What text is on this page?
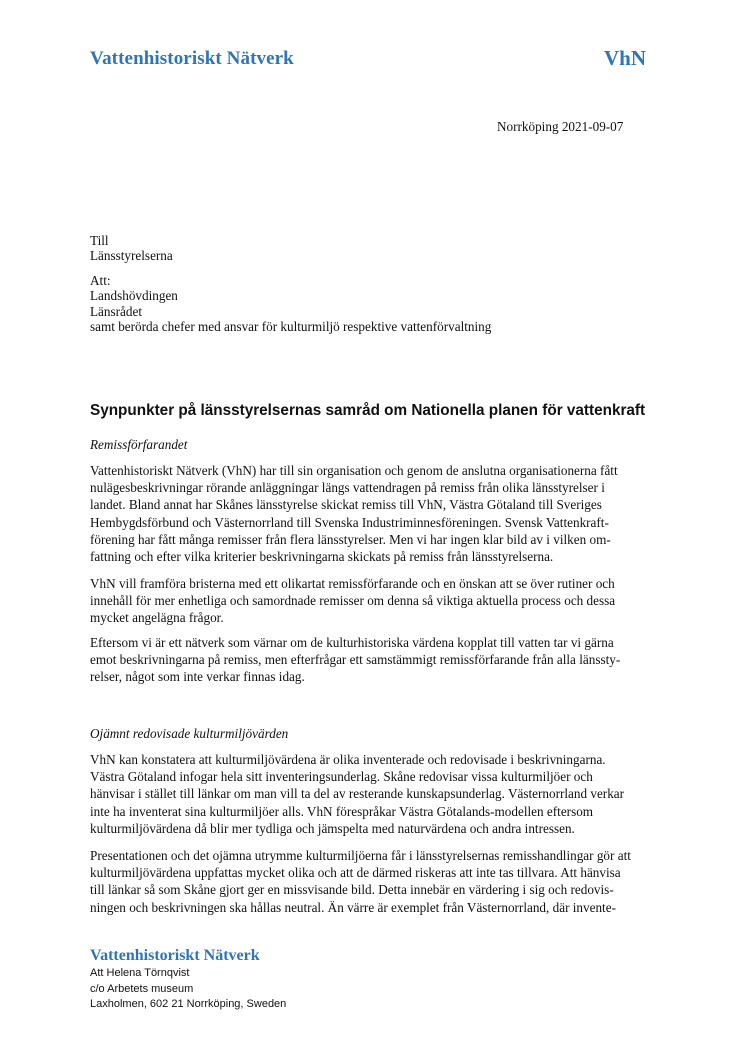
Vattenhistoriskt Nätverk	VhN
Norrköping 2021-09-07
Till
Länsstyrelserna
Att:
Landshövdingen
Länsrådet
samt berörda chefer med ansvar för kulturmiljö respektive vattenförvaltning
Synpunkter på länsstyrelsernas samråd om Nationella planen för vattenkraft
Remissförfarandet
Vattenhistoriskt Nätverk (VhN) har till sin organisation och genom de anslutna organisationerna fått
nulägesbeskrivningar rörande anläggningar längs vattendragen på remiss från olika länsstyrelser i
landet. Bland annat har Skånes länsstyrelse skickat remiss till VhN, Västra Götaland till Sveriges
Hembygdsförbund och Västernorrland till Svenska Industriminnesföreningen. Svensk Vattenkraft-
förening har fått många remisser från flera länsstyrelser. Men vi har ingen klar bild av i vilken om-
fattning och efter vilka kriterier beskrivningarna skickats på remiss från länsstyrelserna.
VhN vill framföra bristerna med ett olikartat remissförfarande och en önskan att se över rutiner och
innehåll för mer enhetliga och samordnade remisser om denna så viktiga aktuella process och dessa
mycket angelägna frågor.
Eftersom vi är ett nätverk som värnar om de kulturhistoriska värdena kopplat till vatten tar vi gärna
emot beskrivningarna på remiss, men efterfrågar ett samstämmigt remissförfarande från alla länssty-
relser, något som inte verkar finnas idag.
Ojämnt redovisade kulturmiljövärden
VhN kan konstatera att kulturmiljövärdena är olika inventerade och redovisade i beskrivningarna.
Västra Götaland infogar hela sitt inventeringsunderlag. Skåne redovisar vissa kulturmiljöer och
hänvisar i stället till länkar om man vill ta del av resterande kunskapsunderlag. Västernorrland verkar
inte ha inventerat sina kulturmiljöer alls. VhN förespråkar Västra Götalands-modellen eftersom
kulturmiljövärdena då blir mer tydliga och jämspelta med naturvärdena och andra intressen.
Presentationen och det ojämna utrymme kulturmiljöerna får i länsstyrelsernas remisshandlingar gör att
kulturmiljövärdena uppfattas mycket olika och att de därmed riskeras att inte tas tillvara. Att hänvisa
till länkar så som Skåne gjort ger en missvisande bild. Detta innebär en värdering i sig och redovis-
ningen och beskrivningen ska hållas neutral. Än värre är exemplet från Västernorrland, där invente-
Vattenhistoriskt Nätverk
Att Helena Törnqvist
c/o Arbetets museum
Laxholmen, 602 21 Norrköping, Sweden
